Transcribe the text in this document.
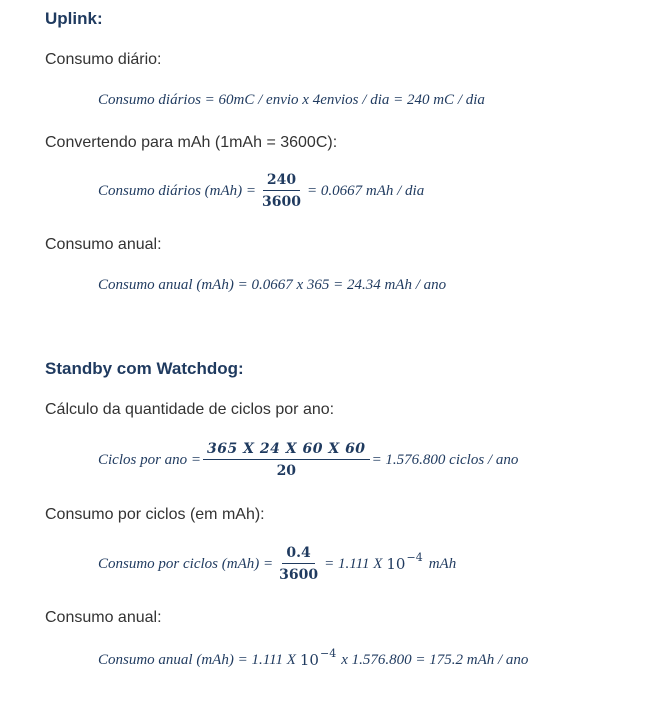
Uplink:
Consumo diário:
Consumo diários = 60mC / envio x 4envios / dia = 240 mC / dia
Convertendo para mAh (1mAh = 3600C):
Consumo diários $(mAh) = \frac{240}{3600} = 0.0667$ mAh / dia
Consumo anual:
Consumo anual (mAh) = 0.0667 x 365 = 24.34 mAh / ano
Standby com Watchdog:
Cálculo da quantidade de ciclos por ano:
Ciclos por ano = $\frac{365 X 24 X 60 X 60}{20} = 1.576.800$ ciclos / ano
Consumo por ciclos (em mAh):
Consumo por ciclos $(mAh) = \frac{0.4}{3600} = 1.111$ X 10 −4 mAh
Consumo anual:
Consumo anual (mAh) = 1.111 X 10 −4 x 1.576.800 = 175.2 mAh / ano
